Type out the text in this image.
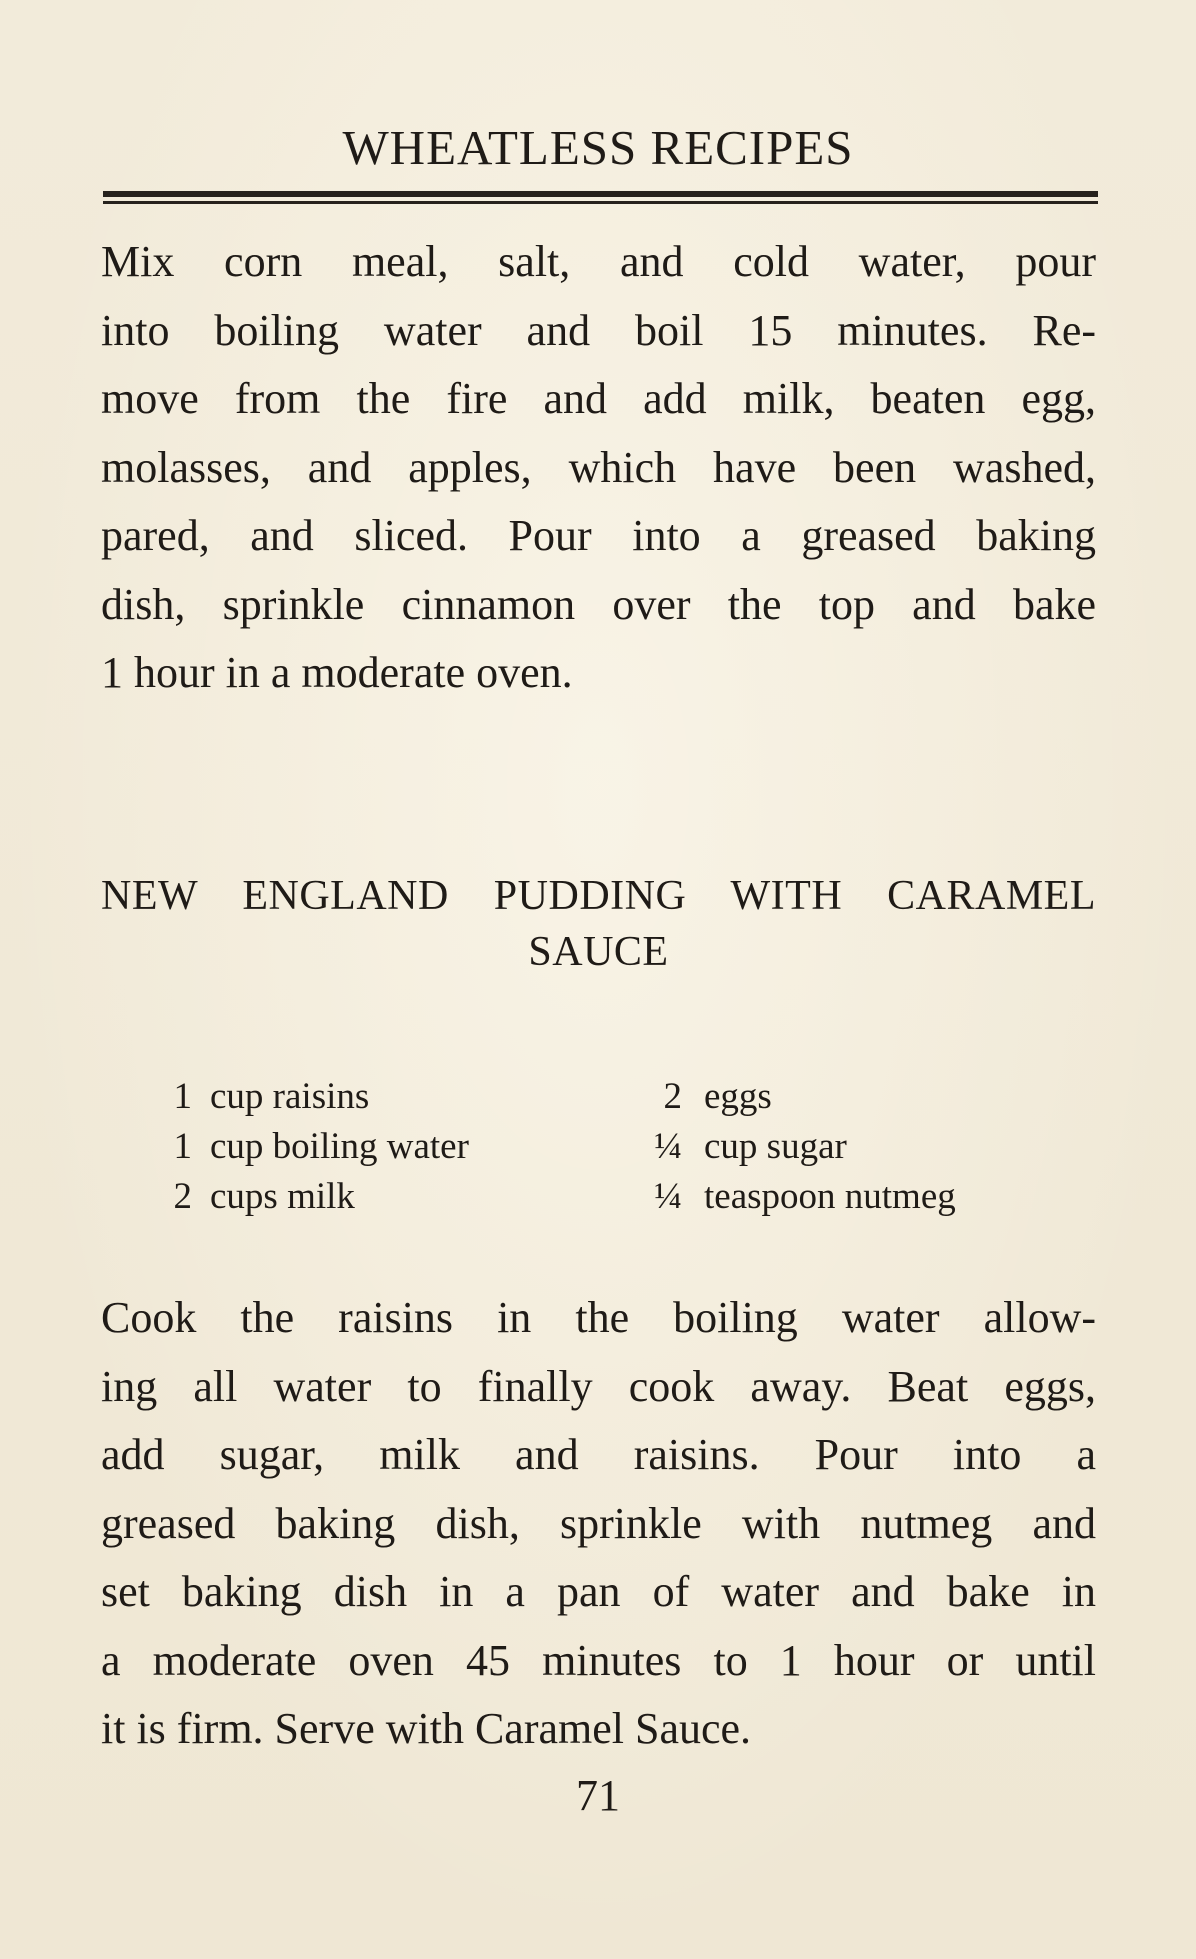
WHEATLESS RECIPES
Mix corn meal, salt, and cold water, pour
into boiling water and boil 15 minutes. Re-
move from the fire and add milk, beaten egg,
molasses, and apples, which have been washed,
pared, and sliced. Pour into a greased baking
dish, sprinkle cinnamon over the top and bake
1 hour in a moderate oven.
NEW ENGLAND PUDDING WITH CARAMEL
SAUCE
1 cup raisins
1 cup boiling water
2 cups milk
2 eggs
¼ cup sugar
¼ teaspoon nutmeg
Cook the raisins in the boiling water allow-
ing all water to finally cook away. Beat eggs,
add sugar, milk and raisins. Pour into a
greased baking dish, sprinkle with nutmeg and
set baking dish in a pan of water and bake in
a moderate oven 45 minutes to 1 hour or until
it is firm. Serve with Caramel Sauce.
71
